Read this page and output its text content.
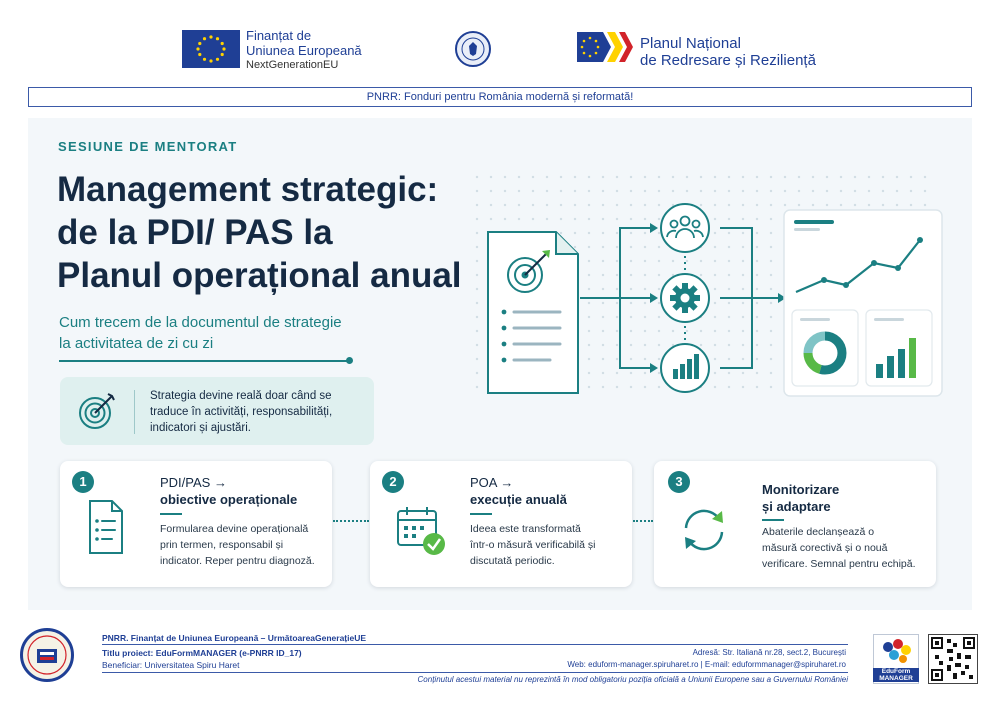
Finanțat de
Uniunea Europeană
NextGenerationEU
Planul Național
de Redresare și Reziliență
PNRR: Fonduri pentru România modernă și reformată!
SESIUNE DE MENTORAT
Management strategic:
de la PDI/ PAS la
Planul operațional anual
Cum trecem de la documentul de strategie
la activitatea de zi cu zi
Strategia devine reală doar când se
traduce în activități, responsabilități,
indicatori și ajustări.
1	PDI/PAS →
obiective operaționale
Formularea devine operațională
prin termen, responsabil și
indicator. Reper pentru diagnoză.
2	POA →
execuție anuală
Ideea este transformată
într-o măsură verificabilă și
discutată periodic.
3
Monitorizare
și adaptare
Abaterile declanșează o
măsură corectivă și o nouă
verificare. Semnal pentru echipă.
PNRR. Finanțat de Uniunea Europeană – UrmătoareaGenerațieUE
Titlu proiect: EduFormMANAGER (e-PNRR ID_17)
Beneficiar: Universitatea Spiru Haret
Adresă: Str. Italiană nr.28, sect.2, București
Web: eduform-manager.spiruharet.ro | E-mail: eduformmanager@spiruharet.ro
Conținutul acestui material nu reprezintă în mod obligatoriu poziția oficială a Uniunii Europene sau a Guvernului României
EduForm
MANAGER
